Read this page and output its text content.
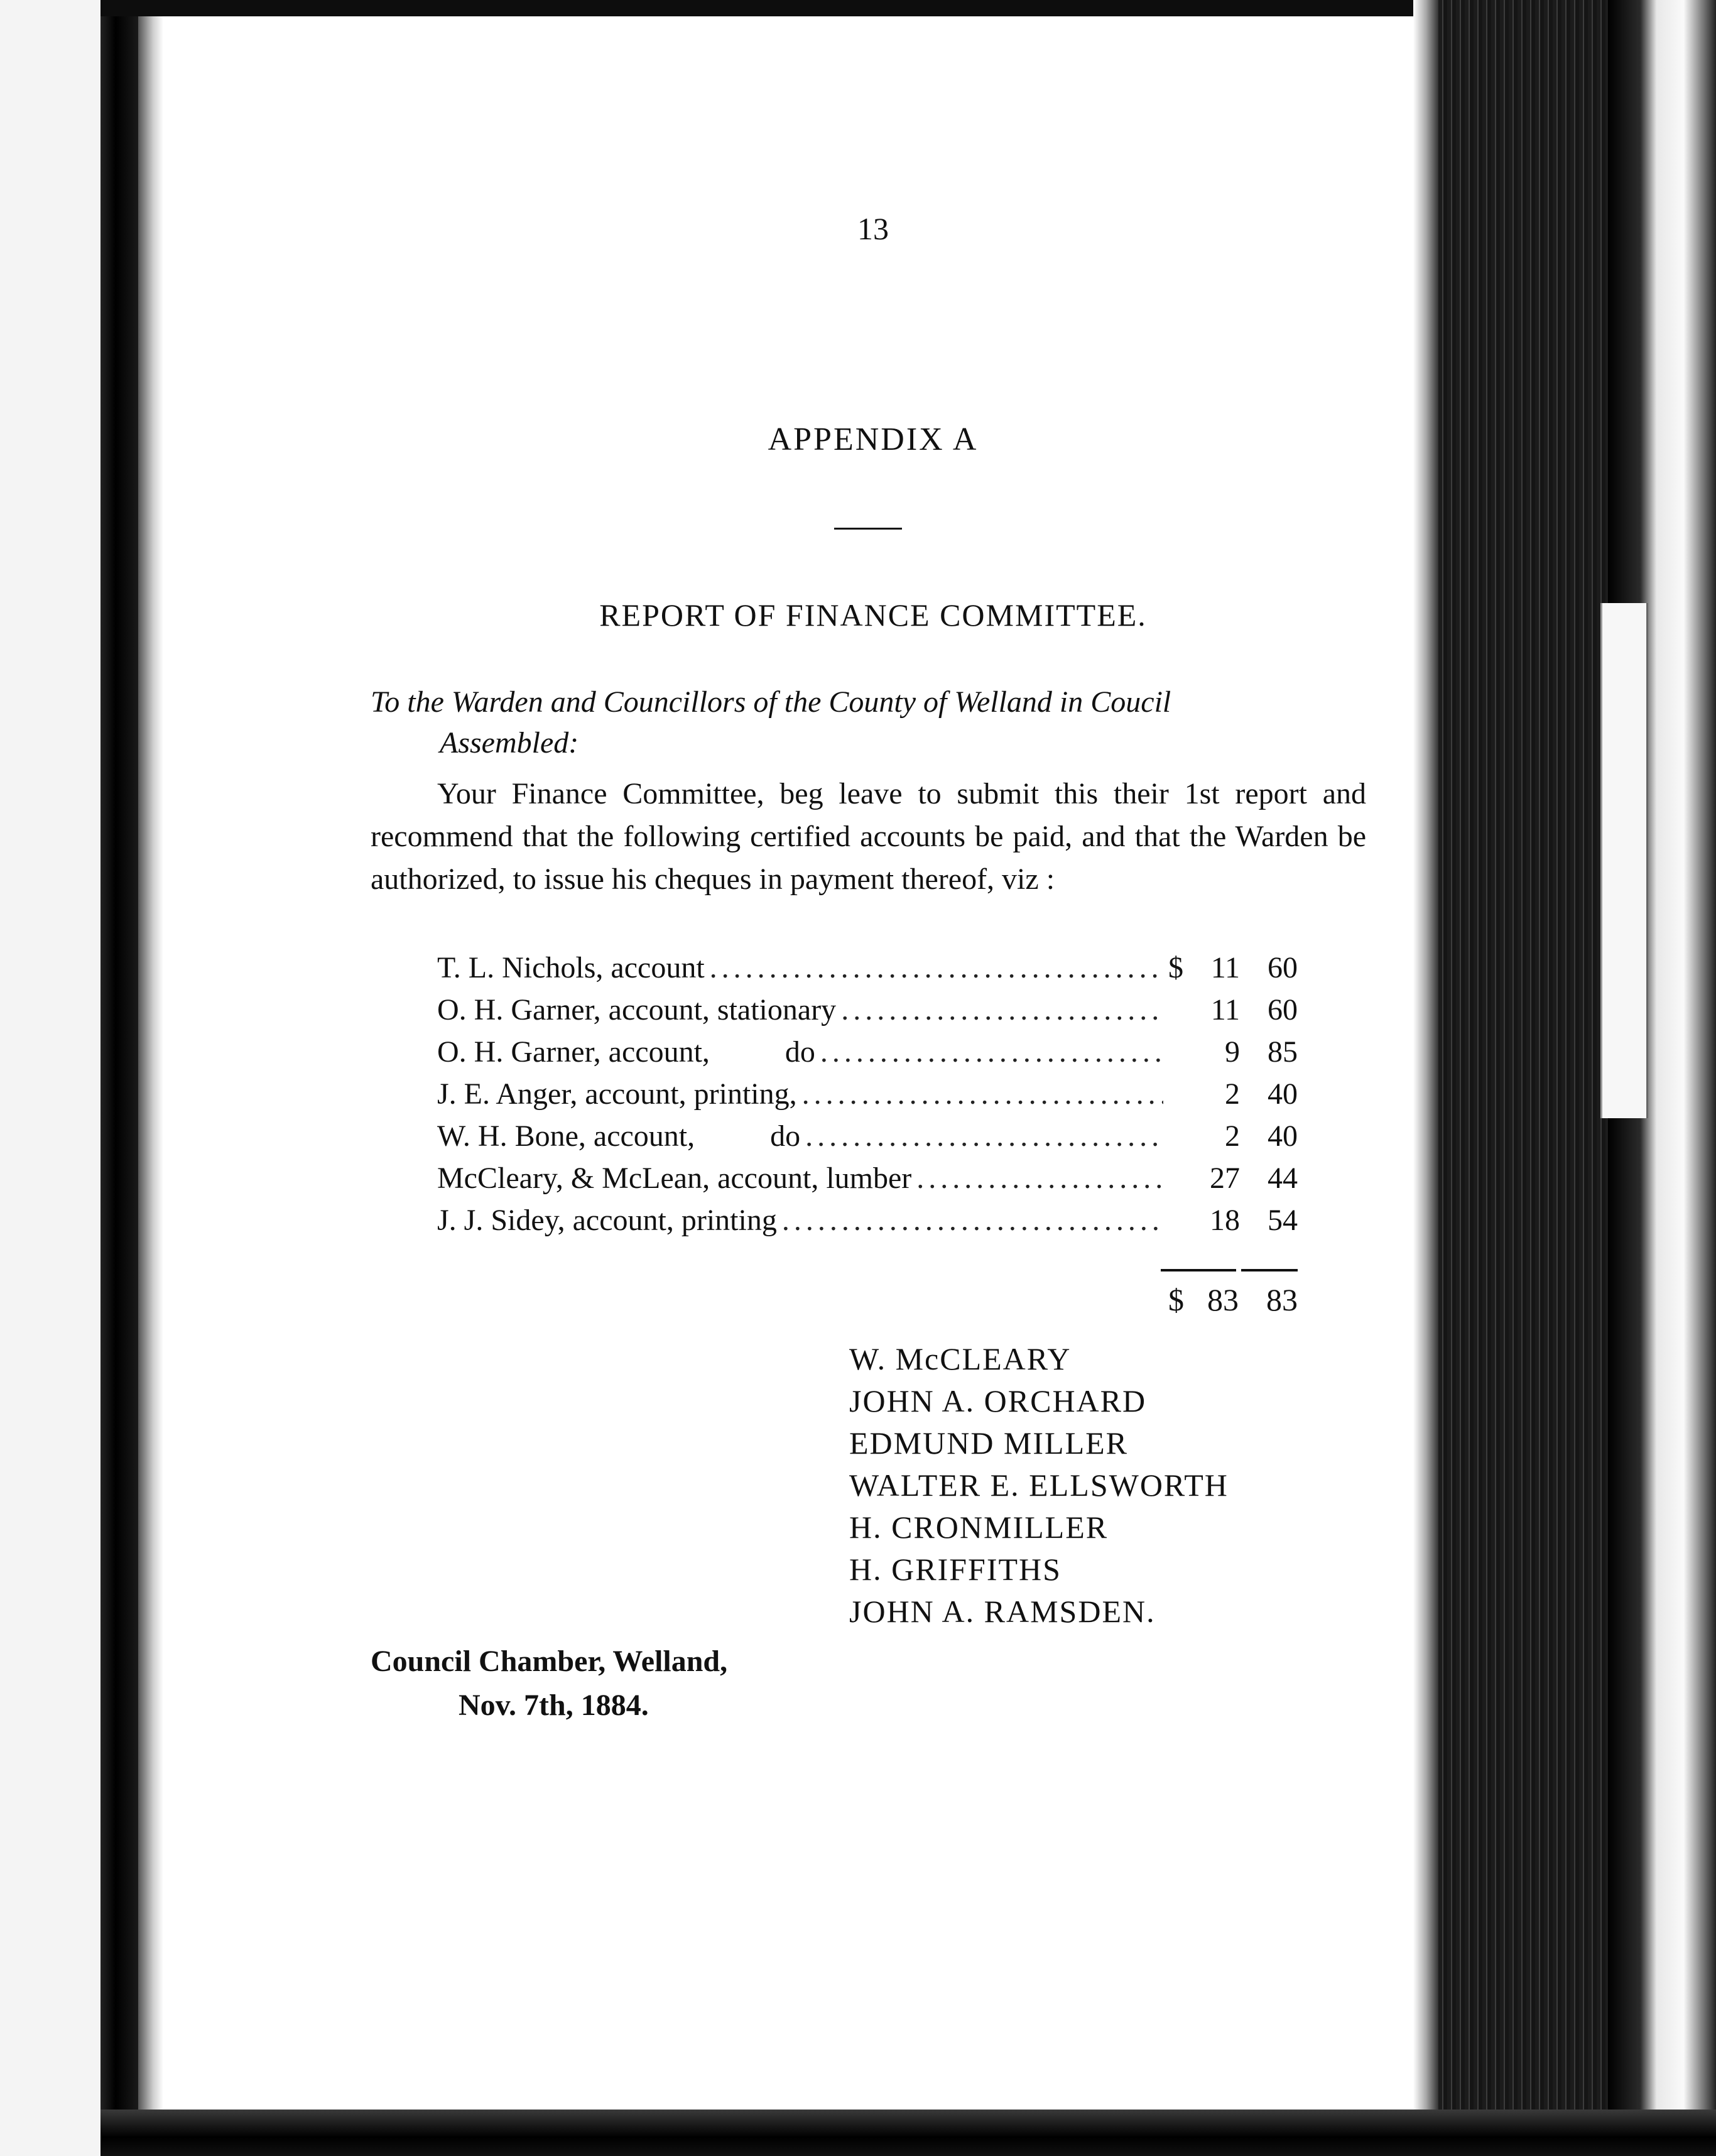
13
APPENDIX A
REPORT OF FINANCE COMMITTEE.
To the Warden and Councillors of the County of Welland in Coucil
Assembled:
Your Finance Committee, beg leave to submit this their 1st report and recommend that the following certified accounts be paid, and that the Warden be authorized, to issue his cheques in payment thereof, viz :
T. L. Nichols, account .....	$ 11 60
O. H. Garner, account, stationary .....	11 60
O. H. Garner, account,          do .....	9 85
J. E. Anger, account, printing, .....	2 40
W. H. Bone, account,          do .....	2 40
McCleary, & McLean, account, lumber .....	27 44
J. J. Sidey, account, printing .....	18 54
$ 83 83
W. McCLEARY
JOHN A. ORCHARD
EDMUND MILLER
WALTER E. ELLSWORTH
H. CRONMILLER
H. GRIFFITHS
JOHN A. RAMSDEN.
Council Chamber, Welland,
Nov. 7th, 1884.
